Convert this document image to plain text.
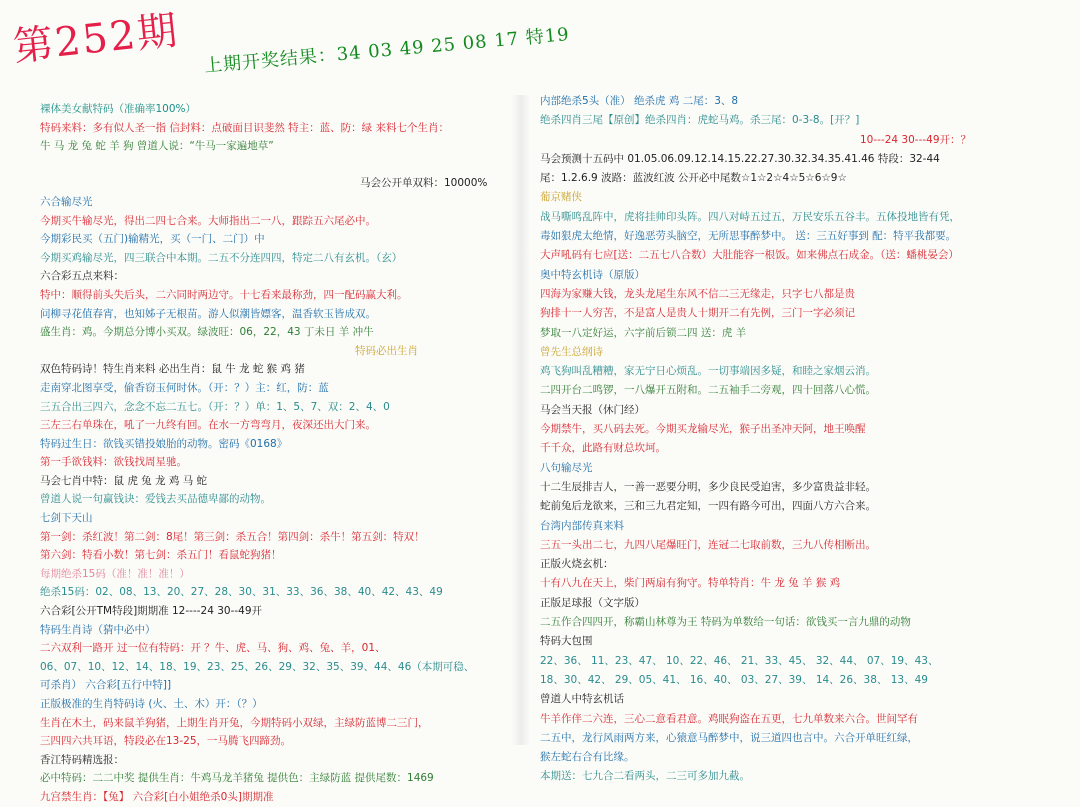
第252期 上期开奖结果：34 03 49 25 08 17 特19
裸体美女献特码（准确率100%）
特码来料：多有似人圣一指 信封料：点破面目识斐然 特主：蓝、防：绿 来料七个生肖：
牛 马 龙 兔 蛇 羊 狗 曾道人说：“牛马一家遍地草”
马会公开单双料：10000%
六合输尽光
今期买牛输尽光，得出二四七合来。大师指出二一八，跟踪五六尾必中。
今期彩民买（五门)输精光，买（一门、二门）中
今期买鸡输尽光，四三联合中本期。二五不分连四四，特定二八有玄机。（玄）
六合彩五点来料：
特中：顺得前头失后头，二六同时两边守。十七看来最称劲，四一配码赢大利。
问柳寻花值春宵，也知姊子无根苗。游人似潮皆嫖客，温香软玉皆成双。
盛生肖：鸡。今期总分博小买双。绿波旺：06，22，43 丁未日 羊 冲牛
特码必出生肖
双色特码诗！特生肖来料 必出生肖：鼠 牛 龙 蛇 猴 鸡 猪
走南穿北图享受，偷香窃玉何时休。（开：？）主：红，防：蓝
三五合出三四六，念念不忘二五七。（开：？）单：1、5、7、双：2、4、0
三左三右单珠在，吼了一九终有回。在水一方弯弯月，夜深还出大门来。
特码过生日：欲钱买错投娘胎的动物。密码《0168》
第一手欲钱料：欲钱找周星驰。
马会七肖中特：鼠 虎 兔 龙 鸡 马 蛇
曾道人说一句赢钱诀：爱钱去买品德卑鄙的动物。
七剑下天山
第一剑：杀红波！第二剑：8尾！第三剑：杀五合！第四剑：杀牛！第五剑：特双！
第六剑：特看小数！第七剑：杀五门！看鼠蛇狗猪！
每期绝杀15码（准！准！准！）
绝杀15码：02、08、13、20、27、28、30、31、33、36、38、40、42、43、49
六合彩[公开TM特段]期期准 12----24 30--49开
特码生肖诗（猜中必中）
二六双利一路开 过一位有特码：开 ？牛、虎、马、狗、鸡、兔、羊，01、
06、07、10、12、14、18、19、23、25、26、29、32、35、39、44、46（本期可稳、
可杀肖） 六合彩[五行中特]]
正版极准的生肖特码诗 (火、土、木）开：（？）
生肖在木土，码来鼠羊狗猪，上期生肖开兔，今期特码小双绿，主绿防蓝博二三门，
三四四六共耳语，特段必在13-25，一马腾飞四蹄劲。
香江特码精选报：
必中特码：二二中奖 提供生肖：牛鸡马龙羊猪兔 提供色：主绿防蓝 提供尾数：1469
九宫禁生肖：【兔】 六合彩[白小姐绝杀0头]期期准
内部绝杀5头（准） 绝杀虎 鸡 二尾：3、8
绝杀四肖三尾【原创】绝杀四肖：虎蛇马鸡。杀三尾：0-3-8。[开？]
10---24 30---49开：？
马会预测十五码中 01.05.06.09.12.14.15.22.27.30.32.34.35.41.46 特段：32-44
尾：1.2.6.9 波路：蓝波红波 公开必中尾数☆1☆2☆4☆5☆6☆9☆
葡京赌侠
战马嘶鸣乱阵中，虎将挂帅印头阵。四八对峙五过五，万民安乐五谷丰。五体投地皆有凭，
毒如狠虎太绝情，好逸恶劳头脑空，无所思事醉梦中。 送：三五好事到 配：特平我都要。
大声吼码有七应[送：二五七八合数）大肚能容一根饭。如来佛点石成金。（送：蟠桃晏会）
奥中特玄机诗（原版）
四海为家赚大钱，龙头龙尾生东风不信二三无缘走，只字七八都是贵
狗排十一人穷苦，不是富人是贵人十期开二有先例，三门一字必须记
梦取一八定好运，六字前后锁二四 送：虎 羊
曾先生总纲诗
鸡飞狗叫乱糟糟，家无宁日心烦乱。一切事端因多疑，和睦之家烟云消。
二四开台二鸣锣，一八爆开五附和。二五袖手二旁观，四十回落八心慌。
马会当天报（休门经）
今期禁牛，买八码去死。今期买龙输尽光，猴子出圣冲天阿，地王唤醒
千千众，此路有财总坎坷。
八句输尽光
十二生辰排吉人，一善一恶要分明，多少良民受迫害，多少富贵益非轻。
蛇前兔后龙欲来，三和三九君定知，一四有路今可出，四面八方六合来。
台湾内部传真来料
三五一头出二七，九四八尾爆旺门，连冠二七取前数，三九八传相断出。
正版火烧玄机：
十有八九在天上，柴门两扇有狗守。特单特肖：牛 龙 兔 羊 猴 鸡
正版足球报（文字版）
二五作合四四开，称霸山林尊为王 特码为单数给一句话：欲钱买一言九鼎的动物
特码大包围
22、36、 11、23、47、 10、22、46、 21、33、45、 32、44、 07、19、43、
18、30、42、 29、05、41、 16、40、 03、27、39、 14、26、38、 13、49
曾道人中特玄机话
牛羊作伴二六连，三心二意看君意。鸡眠狗盗在五更，七九单数来六合。世间罕有
二五中，龙行风雨两方来，心猿意马醉梦中，说三道四也言中。六合开单旺红绿，
猴左蛇右合有比缘。
本期送：七九合二看两头，二三可多加九截。
